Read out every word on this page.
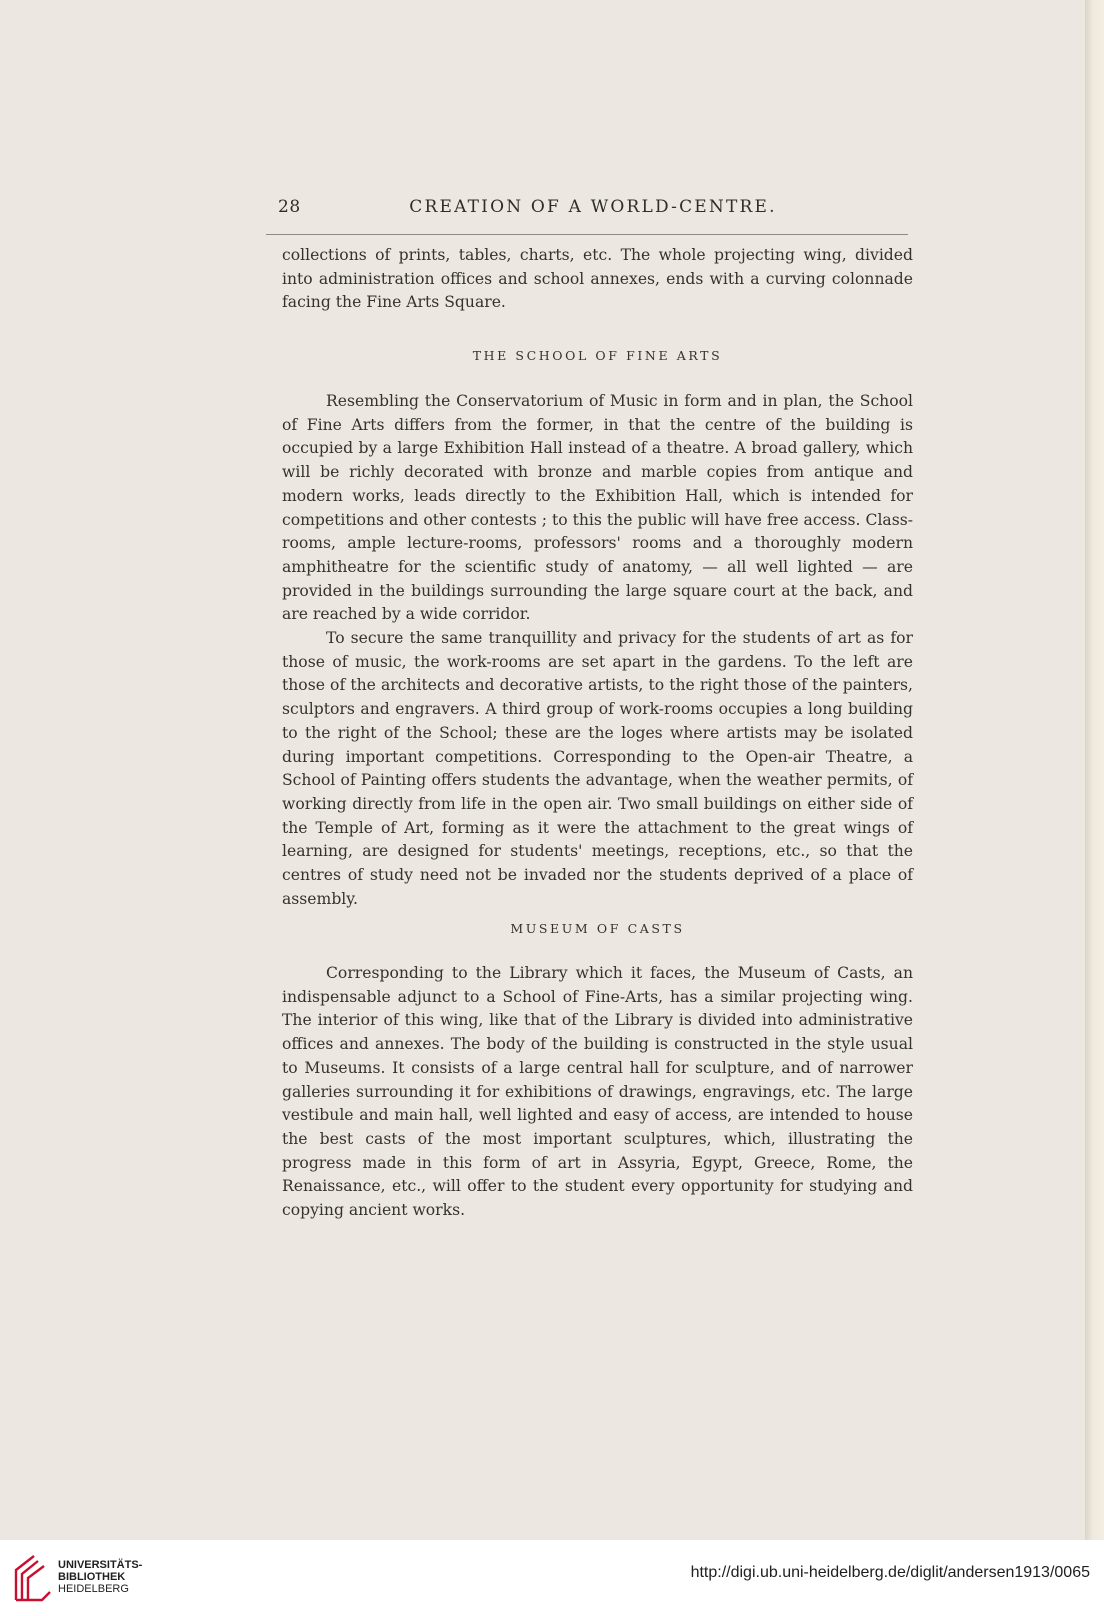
28	CREATION OF A WORLD-CENTRE.

collections of prints, tables, charts, etc. The whole projecting wing, divided into administration offices and school annexes, ends with a curving colonnade facing the Fine Arts Square.

THE SCHOOL OF FINE ARTS

Resembling the Conservatorium of Music in form and in plan, the School of Fine Arts differs from the former, in that the centre of the building is occupied by a large Exhibition Hall instead of a theatre. A broad gallery, which will be richly decorated with bronze and marble copies from antique and modern works, leads directly to the Exhibition Hall, which is intended for competitions and other contests ; to this the public will have free access. Class-rooms, ample lecture-rooms, professors' rooms and a thoroughly modern amphitheatre for the scientific study of anatomy, — all well lighted — are provided in the buildings surrounding the large square court at the back, and are reached by a wide corridor.

To secure the same tranquillity and privacy for the students of art as for those of music, the work-rooms are set apart in the gardens. To the left are those of the architects and decorative artists, to the right those of the painters, sculptors and engravers. A third group of work-rooms occupies a long building to the right of the School; these are the loges where artists may be isolated during important competitions. Corresponding to the Open-air Theatre, a School of Painting offers students the advantage, when the weather permits, of working directly from life in the open air. Two small buildings on either side of the Temple of Art, forming as it were the attachment to the great wings of learning, are designed for students' meetings, receptions, etc., so that the centres of study need not be invaded nor the students deprived of a place of assembly.

MUSEUM OF CASTS

Corresponding to the Library which it faces, the Museum of Casts, an indispensable adjunct to a School of Fine-Arts, has a similar projecting wing. The interior of this wing, like that of the Library is divided into administrative offices and annexes. The body of the building is constructed in the style usual to Museums. It consists of a large central hall for sculpture, and of narrower galleries surrounding it for exhibitions of drawings, engravings, etc. The large vestibule and main hall, well lighted and easy of access, are intended to house the best casts of the most important sculptures, which, illustrating the progress made in this form of art in Assyria, Egypt, Greece, Rome, the Renaissance, etc., will offer to the student every opportunity for studying and copying ancient works.

UNIVERSITÄTS-
BIBLIOTHEK
HEIDELBERG
http://digi.ub.uni-heidelberg.de/diglit/andersen1913/0065
